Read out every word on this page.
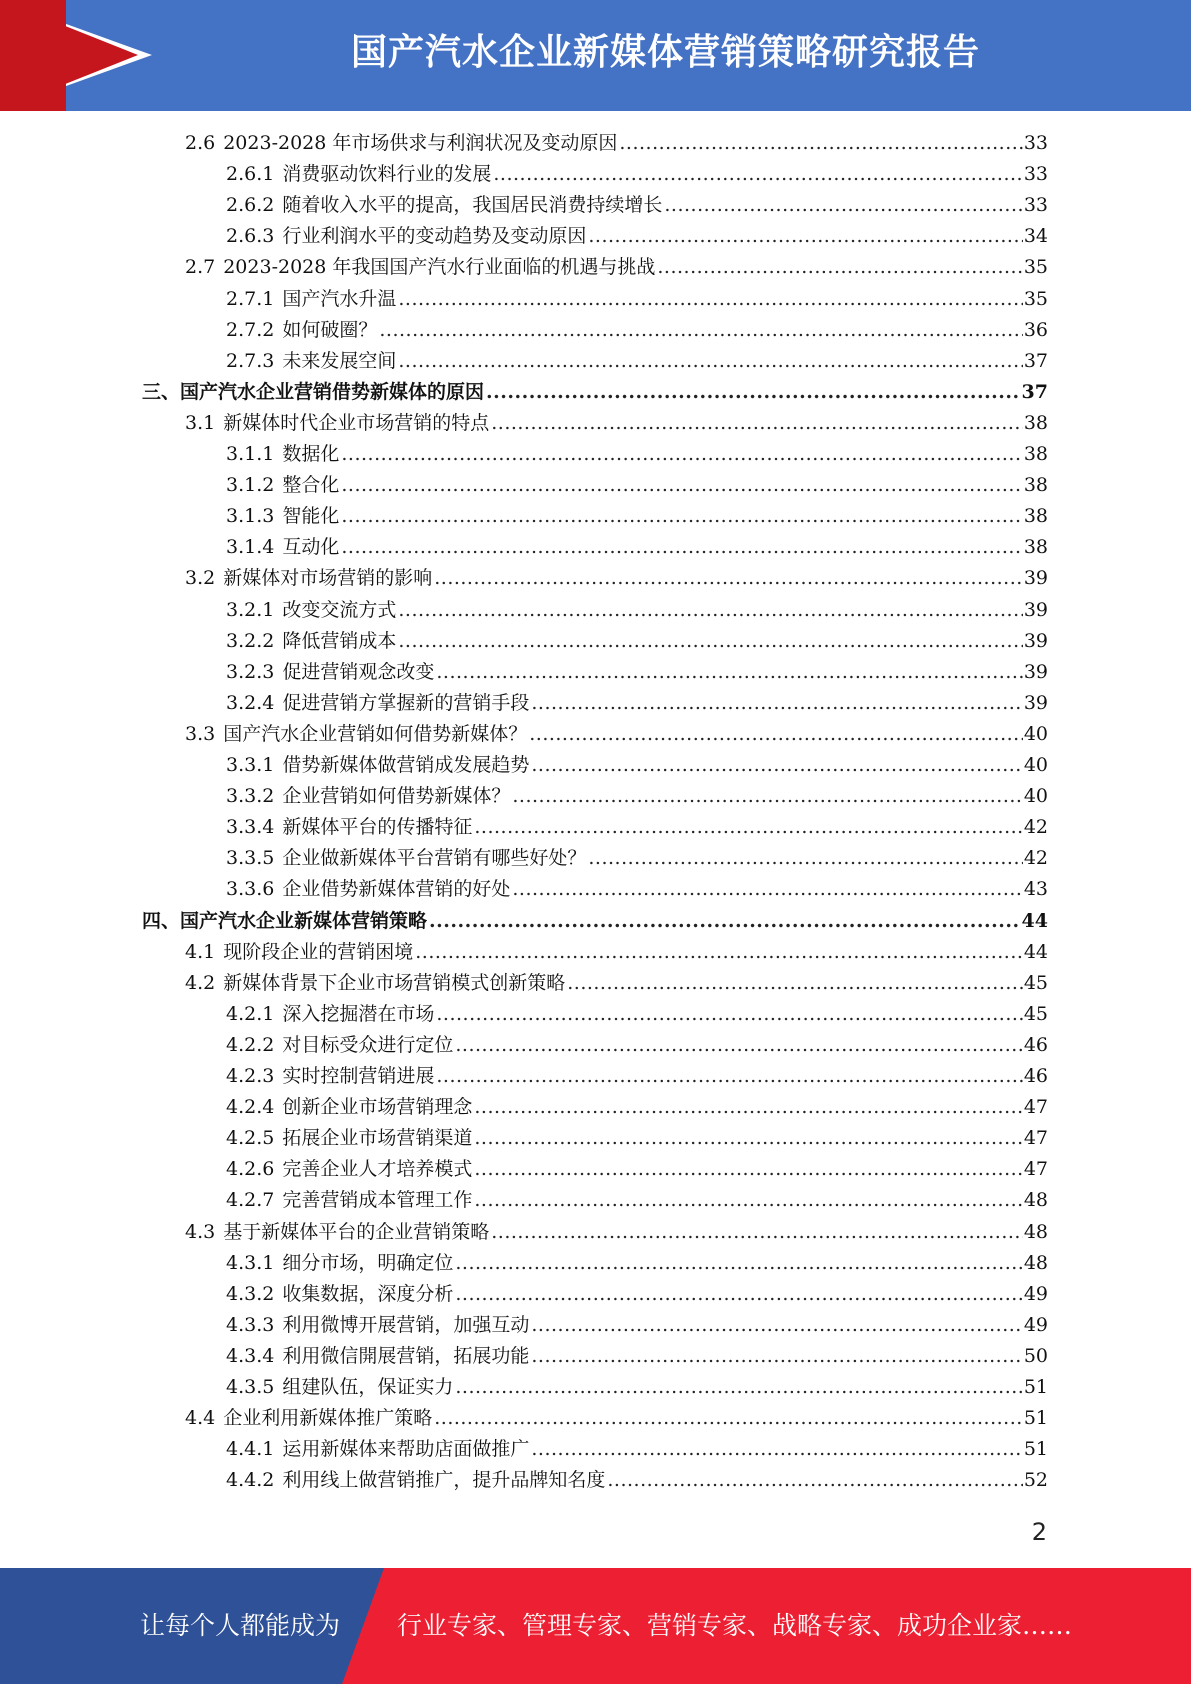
国产汽水企业新媒体营销策略研究报告
2.6 2023-2028 年市场供求与利润状况及变动原因 .....	33
2.6.1 消费驱动饮料行业的发展 .....	33
2.6.2 随着收入水平的提高，我国居民消费持续增长 .....	33
2.6.3 行业利润水平的变动趋势及变动原因 .....	34
2.7 2023-2028 年我国国产汽水行业面临的机遇与挑战 .....	35
2.7.1 国产汽水升温 .....	35
2.7.2 如何破圈？ .....	36
2.7.3 未来发展空间 .....	37
三、 国产汽水企业营销借势新媒体的原因 .....	37
3.1 新媒体时代企业市场营销的特点 .....	38
3.1.1 数据化 .....	38
3.1.2 整合化 .....	38
3.1.3 智能化 .....	38
3.1.4 互动化 .....	38
3.2 新媒体对市场营销的影响 .....	39
3.2.1 改变交流方式 .....	39
3.2.2 降低营销成本 .....	39
3.2.3 促进营销观念改变 .....	39
3.2.4 促进营销方掌握新的营销手段 .....	39
3.3 国产汽水企业营销如何借势新媒体？ .....	40
3.3.1 借势新媒体做营销成发展趋势 .....	40
3.3.2 企业营销如何借势新媒体？ .....	40
3.3.4 新媒体平台的传播特征 .....	42
3.3.5 企业做新媒体平台营销有哪些好处？ .....	42
3.3.6 企业借势新媒体营销的好处 .....	43
四、 国产汽水企业新媒体营销策略 .....	44
4.1 现阶段企业的营销困境 .....	44
4.2 新媒体背景下企业市场营销模式创新策略 .....	45
4.2.1 深入挖掘潜在市场 .....	45
4.2.2 对目标受众进行定位 .....	46
4.2.3 实时控制营销进展 .....	46
4.2.4 创新企业市场营销理念 .....	47
4.2.5 拓展企业市场营销渠道 .....	47
4.2.6 完善企业人才培养模式 .....	47
4.2.7 完善营销成本管理工作 .....	48
4.3 基于新媒体平台的企业营销策略 .....	48
4.3.1 细分市场，明确定位 .....	48
4.3.2 收集数据，深度分析 .....	49
4.3.3 利用微博开展营销，加强互动 .....	49
4.3.4 利用微信開展营销，拓展功能 .....	50
4.3.5 组建队伍，保证实力 .....	51
4.4 企业利用新媒体推广策略 .....	51
4.4.1 运用新媒体来帮助店面做推广 .....	51
4.4.2 利用线上做营销推广，提升品牌知名度 .....	52
2
让每个人都能成为 行业专家、管理专家、营销专家、战略专家、成功企业家……
